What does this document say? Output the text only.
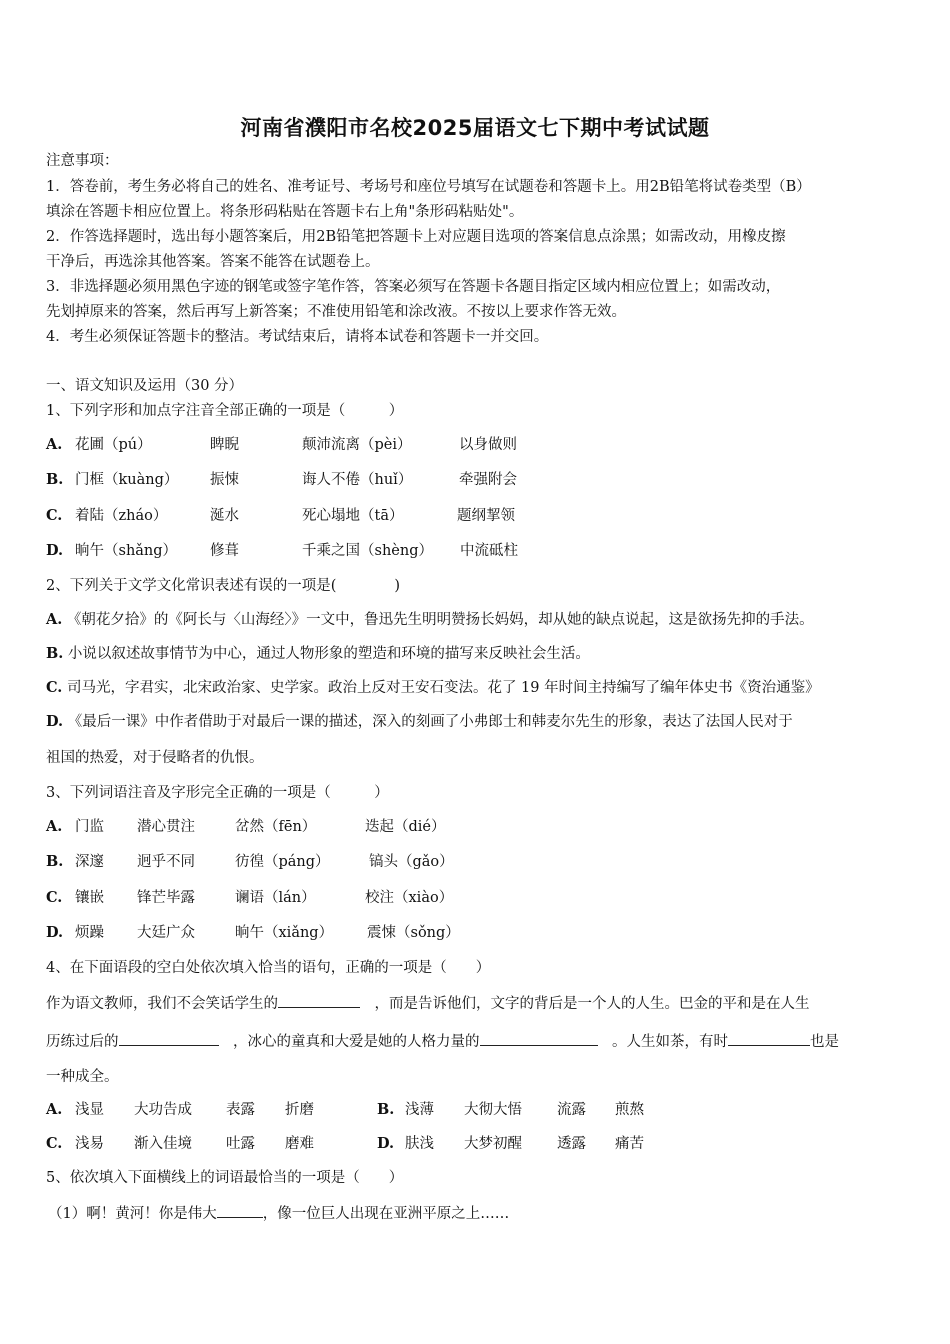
河南省濮阳市名校2025届语文七下期中考试试题
注意事项：
1．答卷前，考生务必将自己的姓名、准考证号、考场号和座位号填写在试题卷和答题卡上。用2B铅笔将试卷类型（B）
填涂在答题卡相应位置上。将条形码粘贴在答题卡右上角"条形码粘贴处"。
2．作答选择题时，选出每小题答案后，用2B铅笔把答题卡上对应题目选项的答案信息点涂黑；如需改动，用橡皮擦
干净后，再选涂其他答案。答案不能答在试题卷上。
3．非选择题必须用黑色字迹的钢笔或签字笔作答，答案必须写在答题卡各题目指定区域内相应位置上；如需改动，
先划掉原来的答案，然后再写上新答案；不准使用铅笔和涂改液。不按以上要求作答无效。
4．考生必须保证答题卡的整洁。考试结束后，请将本试卷和答题卡一并交回。
一、语文知识及运用（30 分）
1、下列字形和加点字注音全部正确的一项是（　　　）
A. 花圃（pú）	睥睨	颠沛流离（pèi）	以身做则
B. 门框（kuàng） 振悚	诲人不倦（huǐ）	牵强附会
C. 着陆（zháo）	涎水	死心塌地（tā）	题纲挈领
D. 晌午（shǎng） 修葺	千乘之国（shèng） 中流砥柱
2、下列关于文学文化常识表述有误的一项是(　　　　)
A. 《朝花夕拾》的《阿长与〈山海经〉》一文中，鲁迅先生明明赞扬长妈妈，却从她的缺点说起，这是欲扬先抑的手法。
B. 小说以叙述故事情节为中心，通过人物形象的塑造和环境的描写来反映社会生活。
C. 司马光，字君实，北宋政治家、史学家。政治上反对王安石变法。花了 19 年时间主持编写了编年体史书《资治通鉴》
D. 《最后一课》中作者借助于对最后一课的描述，深入的刻画了小弗郎士和韩麦尔先生的形象，表达了法国人民对于
祖国的热爱，对于侵略者的仇恨。
3、下列词语注音及字形完全正确的一项是（　　　）
A. 门监 潜心贯注	岔然（fēn）	迭起（dié）
B. 深邃 迥乎不同	彷徨（páng）	镐头（gǎo）
C. 镶嵌 锋芒毕露	谰语（lán）	校注（xiào）
D. 烦躁 大廷广众	晌午（xiǎng） 震悚（sǒng）
4、在下面语段的空白处依次填入恰当的语句，正确的一项是（　　）
作为语文教师，我们不会笑话学生的　	，而是告诉他们，文字的背后是一个人的人生。巴金的平和是在人生
历练过后的　	，冰心的童真和大爱是她的人格力量的　	。人生如茶，有时	也是
一种成全。
A. 浅显 大功告成 表露 折磨	B. 浅薄 大彻大悟 流露 煎熬
C. 浅易 渐入佳境 吐露 磨难	D. 肤浅 大梦初醒 透露 痛苦
5、依次填入下面横线上的词语最恰当的一项是（　　）
（1）啊！黄河！你是伟大	，像一位巨人出现在亚洲平原之上……
